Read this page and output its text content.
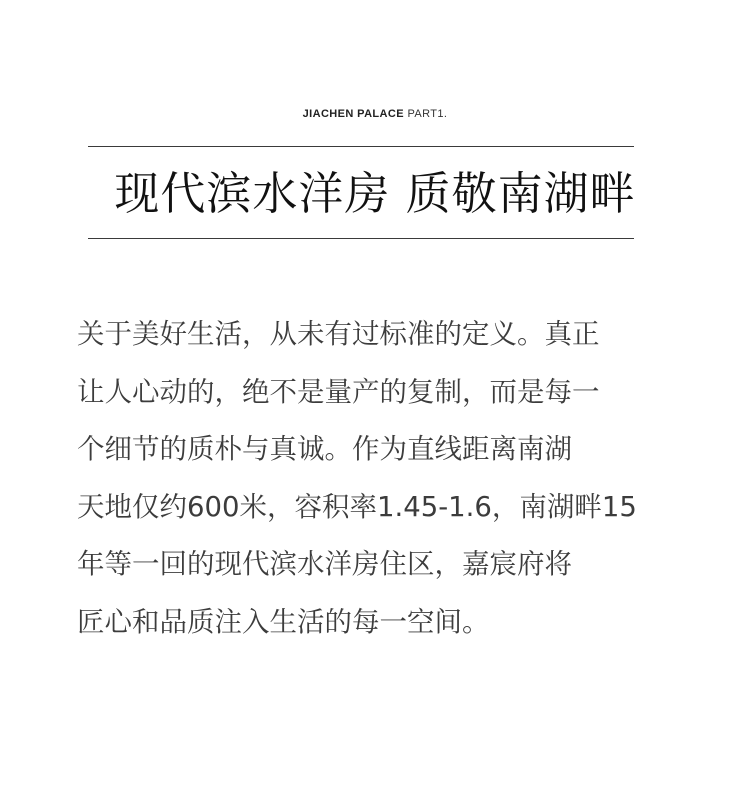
JIACHEN PALACE PART1.
现代滨水洋房 质敬南湖畔
关于美好生活，从未有过标准的定义。真正
让人心动的，绝不是量产的复制，而是每一
个细节的质朴与真诚。作为直线距离南湖
天地仅约600米，容积率1.45-1.6，南湖畔15
年等一回的现代滨水洋房住区，嘉宸府将
匠心和品质注入生活的每一空间。
